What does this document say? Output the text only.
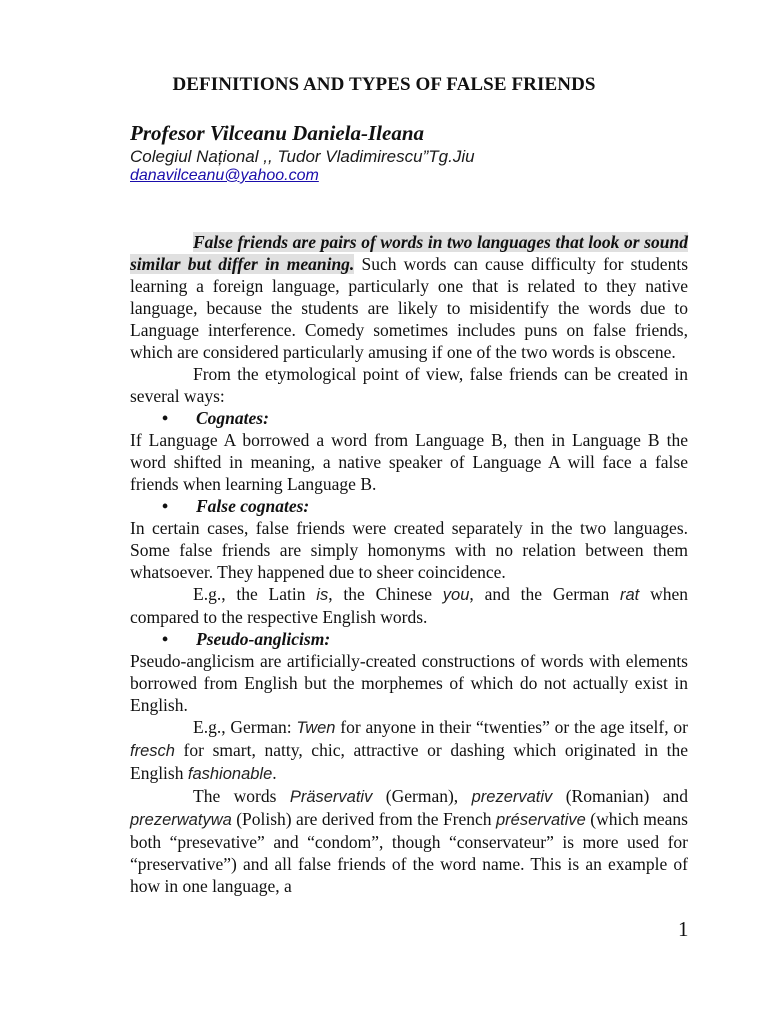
DEFINITIONS AND TYPES OF FALSE FRIENDS
Profesor Vilceanu Daniela-Ileana
Colegiul Național ,, Tudor Vladimirescu”Tg.Jiu
danavilceanu@yahoo.com

False friends are pairs of words in two languages that look or sound similar but differ in meaning. Such words can cause difficulty for students learning a foreign language, particularly one that is related to they native language, because the students are likely to misidentify the words due to Language interference. Comedy sometimes includes puns on false friends, which are considered particularly amusing if one of the two words is obscene.

From the etymological point of view, false friends can be created in several ways:

• Cognates:

If Language A borrowed a word from Language B, then in Language B the word shifted in meaning, a native speaker of Language A will face a false friends when learning Language B.

• False cognates:

In certain cases, false friends were created separately in the two languages. Some false friends are simply homonyms with no relation between them whatsoever. They happened due to sheer coincidence.

E.g., the Latin is, the Chinese you, and the German rat when compared to the respective English words.

• Pseudo-anglicism:

Pseudo-anglicism are artificially-created constructions of words with elements borrowed from English but the morphemes of which do not actually exist in English.

E.g., German: Twen for anyone in their “twenties” or the age itself, or fresch for smart, natty, chic, attractive or dashing which originated in the English fashionable.

The words Präservativ (German), prezervativ (Romanian) and prezerwatywa (Polish) are derived from the French préservative (which means both “presevative” and “condom”, though “conservateur” is more used for “preservative”) and all false friends of the word name. This is an example of how in one language, a

1
